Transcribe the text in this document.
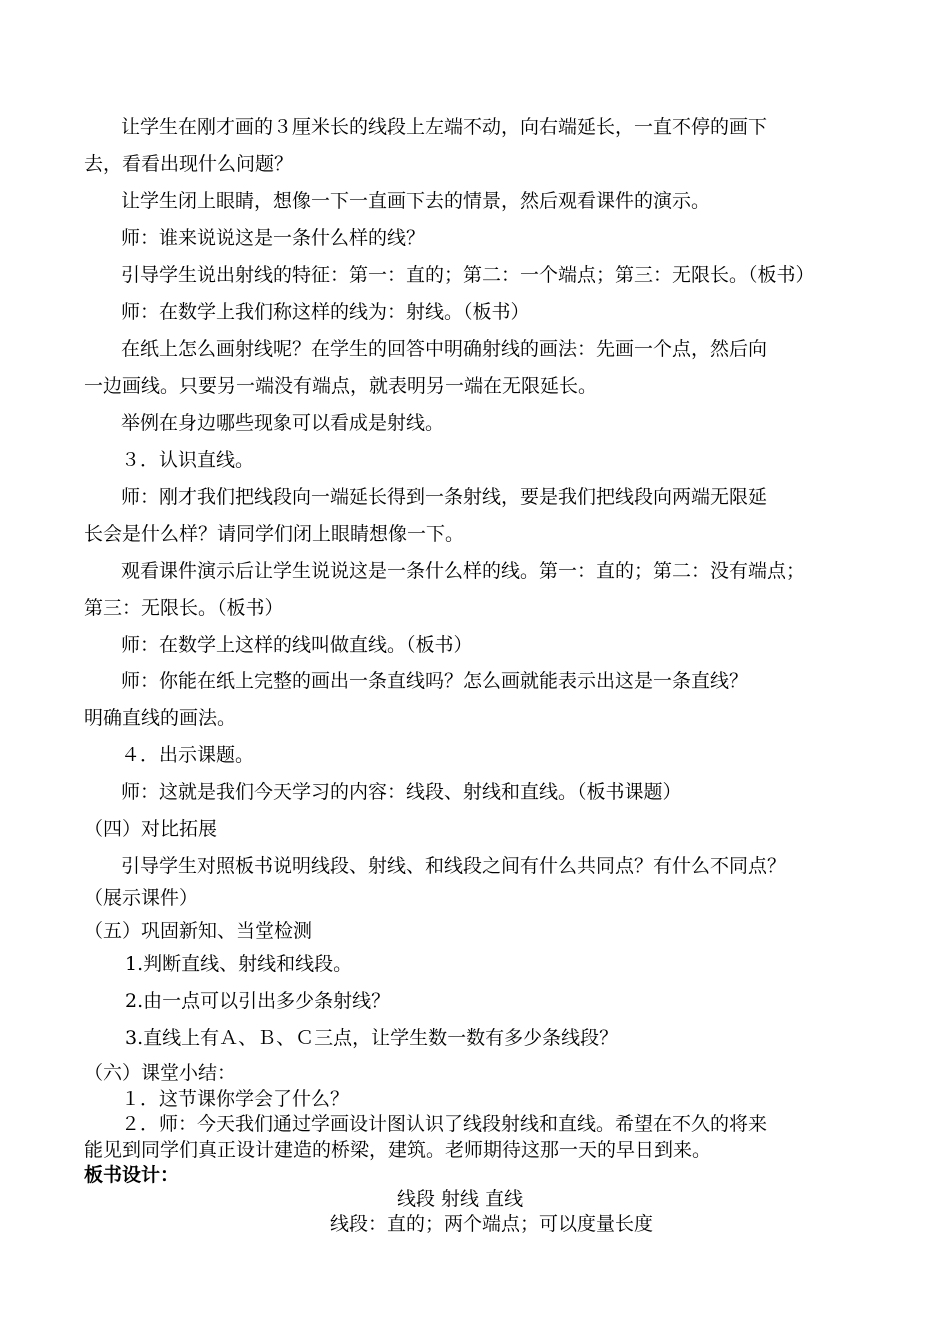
让学生在刚才画的３厘米长的线段上左端不动，向右端延长，一直不停的画下
去，看看出现什么问题？
让学生闭上眼睛，想像一下一直画下去的情景，然后观看课件的演示。
师：谁来说说这是一条什么样的线？
引导学生说出射线的特征：第一：直的；第二：一个端点；第三：无限长。（板书）
师：在数学上我们称这样的线为：射线。（板书）
在纸上怎么画射线呢？在学生的回答中明确射线的画法：先画一个点，然后向
一边画线。只要另一端没有端点，就表明另一端在无限延长。
举例在身边哪些现象可以看成是射线。
３．认识直线。
师：刚才我们把线段向一端延长得到一条射线，要是我们把线段向两端无限延
长会是什么样？请同学们闭上眼睛想像一下。
观看课件演示后让学生说说这是一条什么样的线。第一：直的；第二：没有端点；
第三：无限长。（板书）
师：在数学上这样的线叫做直线。（板书）
师：你能在纸上完整的画出一条直线吗？怎么画就能表示出这是一条直线？
明确直线的画法。
４．出示课题。
师：这就是我们今天学习的内容：线段、射线和直线。（板书课题）
（四）对比拓展
引导学生对照板书说明线段、射线、和线段之间有什么共同点？有什么不同点？
（展示课件）
（五）巩固新知、当堂检测
1.判断直线、射线和线段。
2.由一点可以引出多少条射线？
3.直线上有Ａ、Ｂ、Ｃ三点，让学生数一数有多少条线段？
（六）课堂小结：
１．这节课你学会了什么？
２．师：今天我们通过学画设计图认识了线段射线和直线。希望在不久的将来
能见到同学们真正设计建造的桥梁，建筑。老师期待这那一天的早日到来。
板书设计：
线段 射线 直线
线段：直的；两个端点；可以度量长度
